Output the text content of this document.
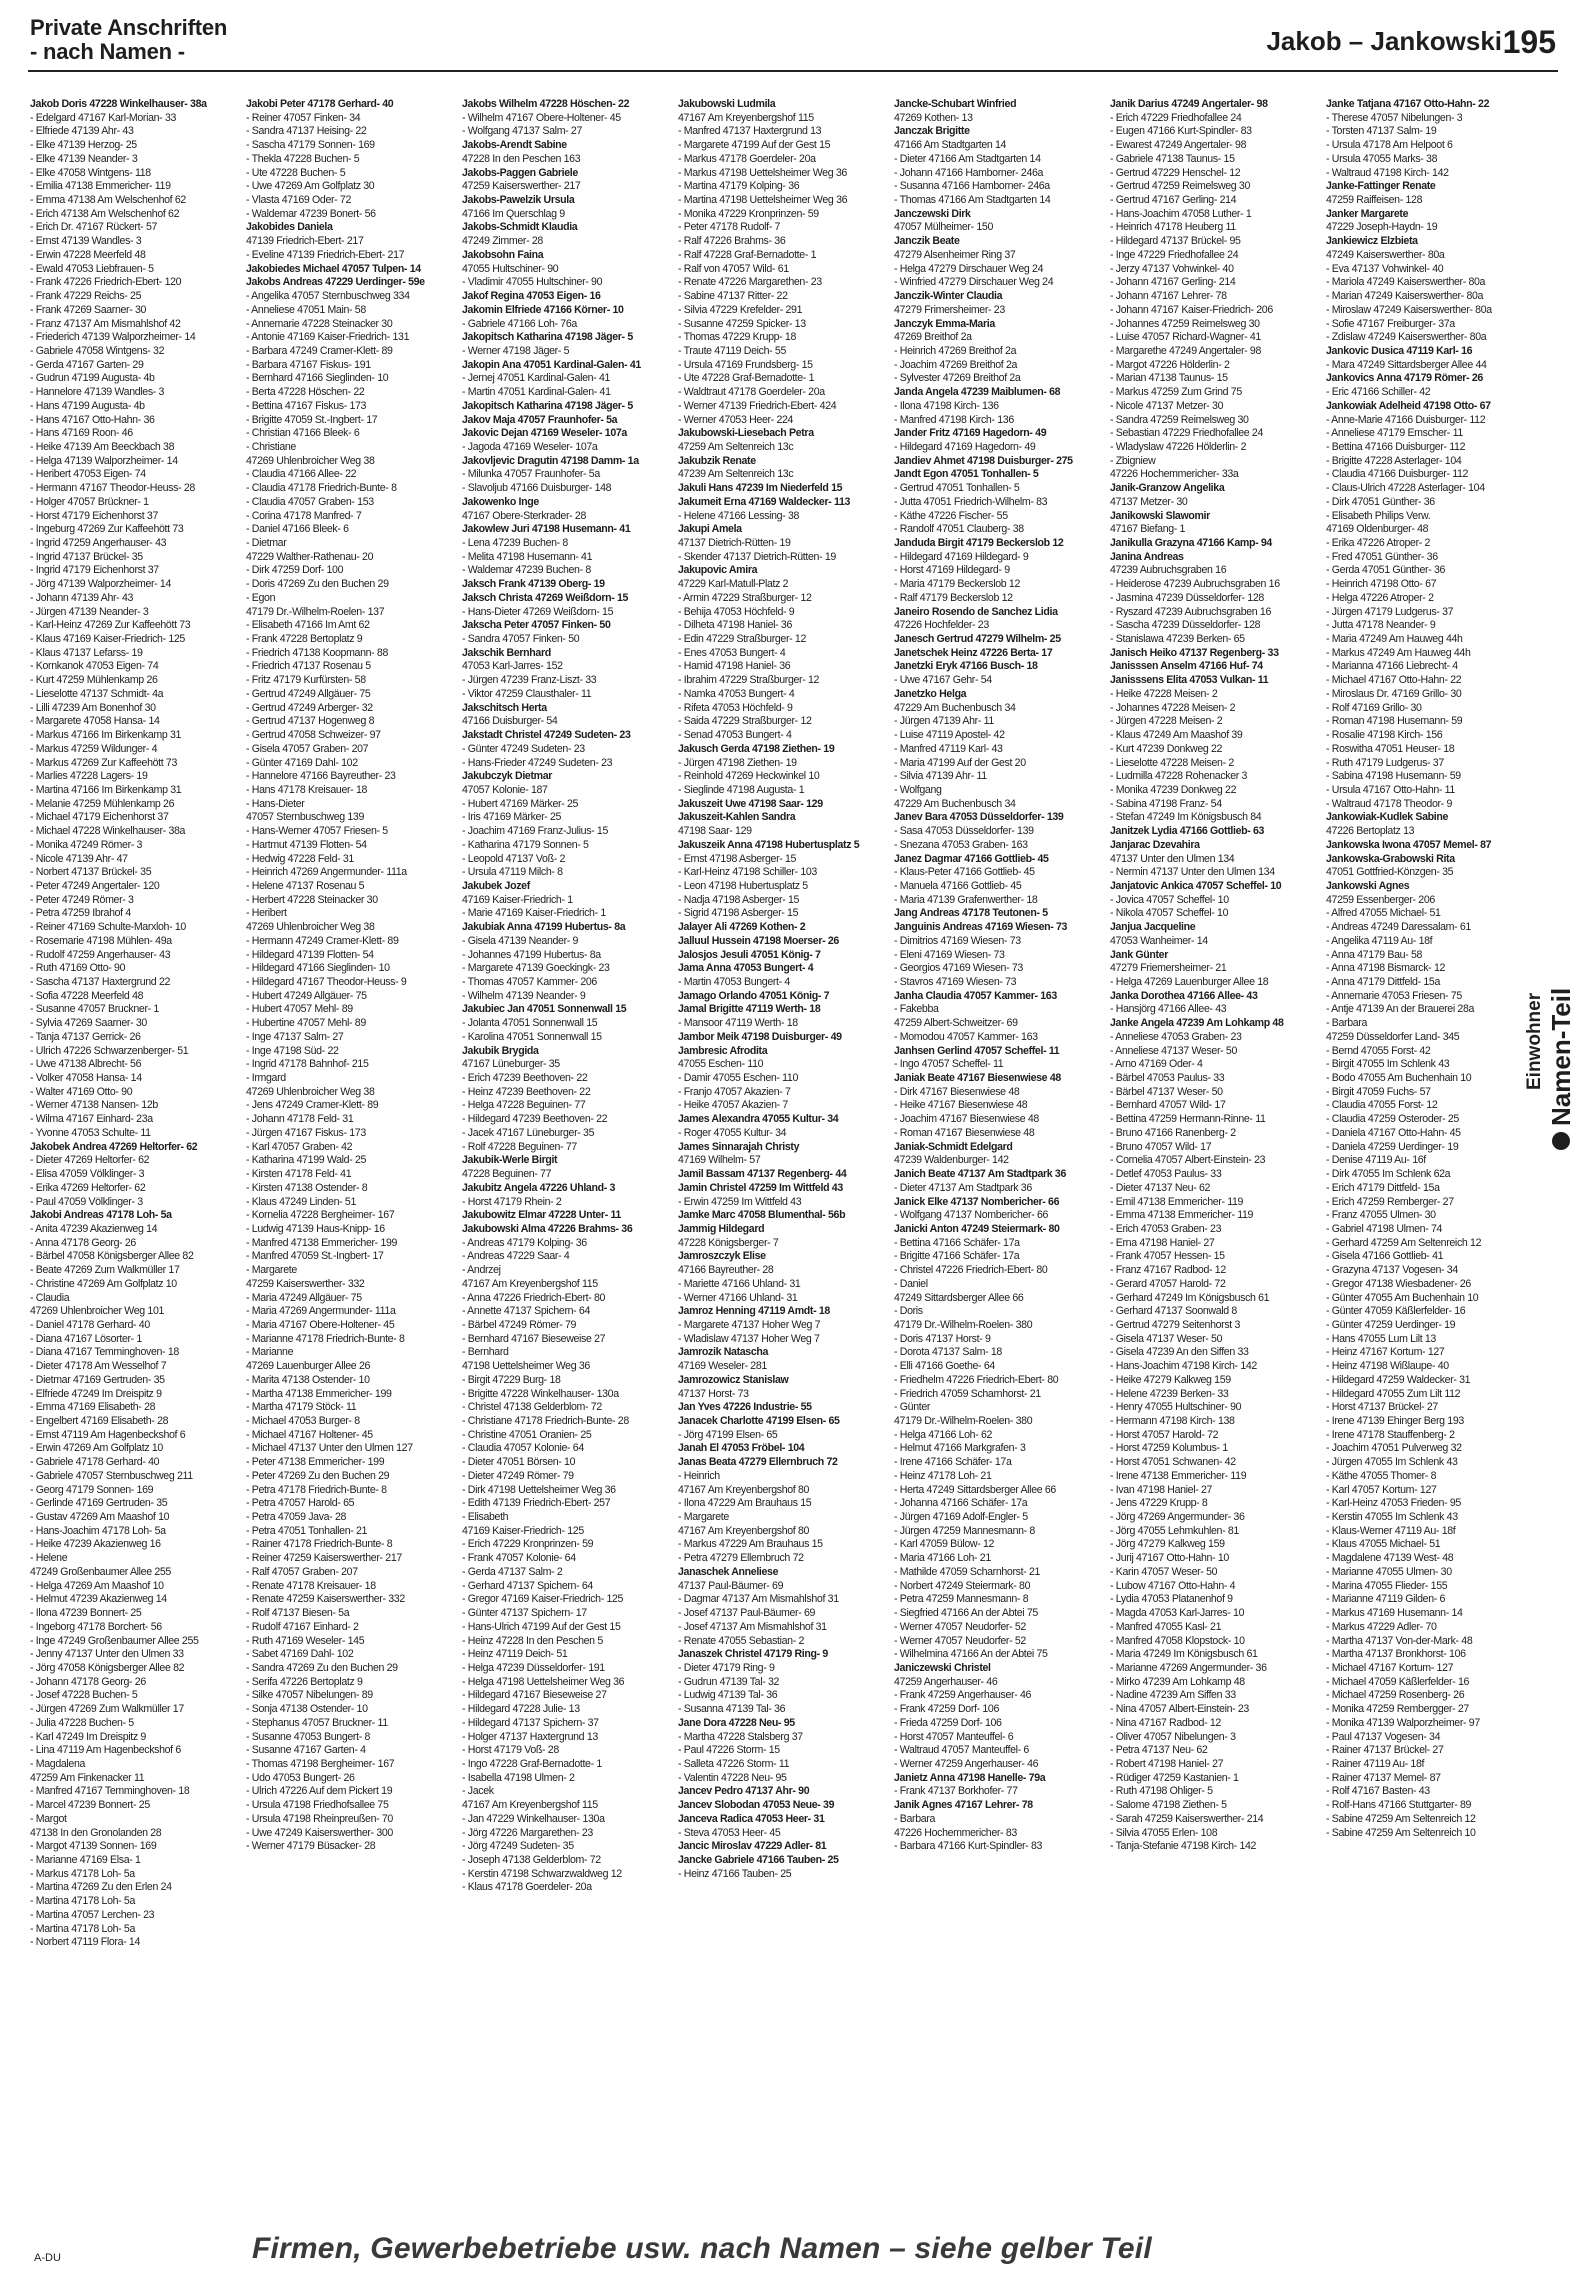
Private Anschriften
- nach Namen -	Jakob – Jankowski 195
Jakob Doris 47228 Winkelhauser- 38a
- Edelgard 47167 Karl-Morian- 33
- Elfriede 47139 Ahr- 43
- Elke 47139 Herzog- 25
- Elke 47139 Neander- 3
- Elke 47058 Wintgens- 118
- Emilia 47138 Emmericher- 119
- Emma 47138 Am Welschenhof 62
- Erich 47138 Am Welschenhof 62
- Erich Dr. 47167 Rückert- 57
- Ernst 47139 Wandles- 3
- Erwin 47228 Meerfeld 48
- Ewald 47053 Liebfrauen- 5
- Frank 47226 Friedrich-Ebert- 120
- Frank 47229 Reichs- 25
- Frank 47269 Saarner- 30
- Franz 47137 Am Mismahlshof 42
- Friederich 47139 Walporzheimer- 14
- Gabriele 47058 Wintgens- 32
- Gerda 47167 Garten- 29
- Gudrun 47199 Augusta- 4b
- Hannelore 47139 Wandles- 3
- Hans 47199 Augusta- 4b
- Hans 47167 Otto-Hahn- 36
- Hans 47169 Roon- 46
- Heike 47139 Am Beeckbach 38
- Helga 47139 Walporzheimer- 14
- Heribert 47053 Eigen- 74
- Hermann 47167 Theodor-Heuss- 28
- Holger 47057 Brückner- 1
- Horst 47179 Eichenhorst 37
- Ingeburg 47269 Zur Kaffeehött 73
- Ingrid 47259 Angerhauser- 43
- Ingrid 47137 Brückel- 35
- Ingrid 47179 Eichenhorst 37
- Jörg 47139 Walporzheimer- 14
- Johann 47139 Ahr- 43
- Jürgen 47139 Neander- 3
- Karl-Heinz 47269 Zur Kaffeehött 73
- Klaus 47169 Kaiser-Friedrich- 125
- Klaus 47137 Lefarss- 19
- Kornkanok 47053 Eigen- 74
- Kurt 47259 Mühlenkamp 26
- Lieselotte 47137 Schmidt- 4a
- Lilli 47239 Am Bonenhof 30
- Margarete 47058 Hansa- 14
- Markus 47166 Im Birkenkamp 31
- Markus 47259 Wildunger- 4
- Markus 47269 Zur Kaffeehött 73
- Marlies 47228 Lagers- 19
- Martina 47166 Im Birkenkamp 31
- Melanie 47259 Mühlenkamp 26
- Michael 47179 Eichenhorst 37
- Michael 47228 Winkelhauser- 38a
- Monika 47249 Römer- 3
- Nicole 47139 Ahr- 47
- Norbert 47137 Brückel- 35
- Peter 47249 Angertaler- 120
- Peter 47249 Römer- 3
- Petra 47259 Ibrahof 4
- Reiner 47169 Schulte-Marxloh- 10
- Rosemarie 47198 Mühlen- 49a
- Rudolf 47259 Angerhauser- 43
- Ruth 47169 Otto- 90
- Sascha 47137 Haxtergrund 22
- Sofia 47228 Meerfeld 48
- Susanne 47057 Bruckner- 1
- Sylvia 47269 Saarner- 30
- Tanja 47137 Gerrick- 26
- Ulrich 47226 Schwarzenberger- 51
- Uwe 47138 Albrecht- 56
- Volker 47058 Hansa- 14
- Walter 47169 Otto- 90
- Werner 47138 Nansen- 12b
- Wilma 47167 Einhard- 23a
- Yvonne 47053 Schulte- 11
Jakobek Andrea 47269 Heltorfer- 62
- Dieter 47269 Heltorfer- 62
- Elisa 47059 Völklinger- 3
- Erika 47269 Heltorfer- 62
- Paul 47059 Völklinger- 3
Jakobi Andreas 47178 Loh- 5a
- Anita 47239 Akazienweg 14
- Anna 47178 Georg- 26
- Bärbel 47058 Königsberger Allee 82
- Beate 47269 Zum Walkmüller 17
- Christine 47269 Am Golfplatz 10
- Claudia
47269 Uhlenbroicher Weg 101
- Daniel 47178 Gerhard- 40
- Diana 47167 Lösorter- 1
- Diana 47167 Temminghoven- 18
- Dieter 47178 Am Wesselhof 7
- Dietmar 47169 Gertruden- 35
- Elfriede 47249 Im Dreispitz 9
- Emma 47169 Elisabeth- 28
- Engelbert 47169 Elisabeth- 28
- Ernst 47119 Am Hagenbeckshof 6
- Erwin 47269 Am Golfplatz 10
- Gabriele 47178 Gerhard- 40
- Gabriele 47057 Sternbuschweg 211
- Georg 47179 Sonnen- 169
- Gerlinde 47169 Gertruden- 35
- Gustav 47269 Am Maashof 10
- Hans-Joachim 47178 Loh- 5a
- Heike 47239 Akazienweg 16
- Helene
47249 Großenbaumer Allee 255
- Helga 47269 Am Maashof 10
- Helmut 47239 Akazienweg 14
- Ilona 47239 Bonnert- 25
- Ingeborg 47178 Borchert- 56
- Inge 47249 Großenbaumer Allee 255
- Jenny 47137 Unter den Ulmen 33
- Jörg 47058 Königsberger Allee 82
- Johann 47178 Georg- 26
- Josef 47228 Buchen- 5
- Jürgen 47269 Zum Walkmüller 17
- Julia 47228 Buchen- 5
- Karl 47249 Im Dreispitz 9
- Lina 47119 Am Hagenbeckshof 6
- Magdalena
47259 Am Finkenacker 11
- Manfred 47167 Temminghoven- 18
- Marcel 47239 Bonnert- 25
- Margot
47138 In den Gronolanden 28
- Margot 47139 Sonnen- 169
- Marianne 47169 Elsa- 1
- Markus 47178 Loh- 5a
- Martina 47269 Zu den Erlen 24
- Martina 47178 Loh- 5a
- Martina 47057 Lerchen- 23
- Martina 47178 Loh- 5a
- Norbert 47119 Flora- 14
Jakobi Peter 47178 Gerhard- 40
- Reiner 47057 Finken- 34
- Sandra 47137 Heising- 22
- Sascha 47179 Sonnen- 169
- Thekla 47228 Buchen- 5
- Ute 47228 Buchen- 5
- Uwe 47269 Am Golfplatz 30
- Vlasta 47169 Oder- 72
- Waldemar 47239 Bonert- 56
Jakobides Daniela
47139 Friedrich-Ebert- 217
- Eveline 47139 Friedrich-Ebert- 217
Jakobiedes Michael 47057 Tulpen- 14
Jakobs Andreas 47229 Uerdinger- 59e
- Angelika 47057 Sternbuschweg 334
- Anneliese 47051 Main- 58
- Annemarie 47228 Steinacker 30
- Antonie 47169 Kaiser-Friedrich- 131
- Barbara 47249 Cramer-Klett- 89
- Barbara 47167 Fiskus- 191
- Bernhard 47166 Sieglinden- 10
- Berta 47228 Höschen- 22
- Bettina 47167 Fiskus- 173
- Brigitte 47059 St.-Ingbert- 17
- Christian 47166 Bleek- 6
- Christiane
47269 Uhlenbroicher Weg 38
- Claudia 47166 Allee- 22
- Claudia 47178 Friedrich-Bunte- 8
- Claudia 47057 Graben- 153
- Corina 47178 Manfred- 7
- Daniel 47166 Bleek- 6
- Dietmar
47229 Walther-Rathenau- 20
- Dirk 47259 Dorf- 100
- Doris 47269 Zu den Buchen 29
- Egon
47179 Dr.-Wilhelm-Roelen- 137
- Elisabeth 47166 Im Amt 62
- Frank 47228 Bertoplatz 9
- Friedrich 47138 Koopmann- 88
- Friedrich 47137 Rosenau 5
- Fritz 47179 Kurfürsten- 58
- Gertrud 47249 Allgäuer- 75
- Gertrud 47249 Arberger- 32
- Gertrud 47137 Hogenweg 8
- Gertrud 47058 Schweizer- 97
- Gisela 47057 Graben- 207
- Günter 47169 Dahl- 102
- Hannelore 47166 Bayreuther- 23
- Hans 47178 Kreisauer- 18
- Hans-Dieter
47057 Sternbuschweg 139
- Hans-Werner 47057 Friesen- 5
- Hartmut 47139 Flotten- 54
- Hedwig 47228 Feld- 31
- Heinrich 47269 Angermunder- 111a
- Helene 47137 Rosenau 5
- Herbert 47228 Steinacker 30
- Heribert
47269 Uhlenbroicher Weg 38
- Hermann 47249 Cramer-Klett- 89
- Hildegard 47139 Flotten- 54
- Hildegard 47166 Sieglinden- 10
- Hildegard 47167 Theodor-Heuss- 9
- Hubert 47249 Allgäuer- 75
- Hubert 47057 Mehl- 89
- Hubertine 47057 Mehl- 89
- Inge 47137 Salm- 27
- Inge 47198 Süd- 22
- Ingrid 47178 Bahnhof- 215
- Irmgard
47269 Uhlenbroicher Weg 38
- Jens 47249 Cramer-Klett- 89
- Johann 47178 Feld- 31
- Jürgen 47167 Fiskus- 173
- Karl 47057 Graben- 42
- Katharina 47199 Wald- 25
- Kirsten 47178 Feld- 41
- Kirsten 47138 Ostender- 8
- Klaus 47249 Linden- 51
- Kornelia 47228 Bergheimer- 167
- Ludwig 47139 Haus-Knipp- 16
- Manfred 47138 Emmericher- 199
- Manfred 47059 St.-Ingbert- 17
- Margarete
47259 Kaiserswerther- 332
- Maria 47249 Allgäuer- 75
- Maria 47269 Angermunder- 111a
- Maria 47167 Obere-Holtener- 45
- Marianne 47178 Friedrich-Bunte- 8
- Marianne
47269 Lauenburger Allee 26
- Marita 47138 Ostender- 10
- Martha 47138 Emmericher- 199
- Martha 47179 Stöck- 11
- Michael 47053 Burger- 8
- Michael 47167 Holtener- 45
- Michael 47137 Unter den Ulmen 127
- Peter 47138 Emmericher- 199
- Peter 47269 Zu den Buchen 29
- Petra 47178 Friedrich-Bunte- 8
- Petra 47057 Harold- 65
- Petra 47059 Java- 28
- Petra 47051 Tonhallen- 21
- Rainer 47178 Friedrich-Bunte- 8
- Reiner 47259 Kaiserswerther- 217
- Ralf 47057 Graben- 207
- Renate 47178 Kreisauer- 18
- Renate 47259 Kaiserswerther- 332
- Rolf 47137 Biesen- 5a
- Rudolf 47167 Einhard- 2
- Ruth 47169 Weseler- 145
- Sabet 47169 Dahl- 102
- Sandra 47269 Zu den Buchen 29
- Serifa 47226 Bertoplatz 9
- Silke 47057 Nibelungen- 89
- Sonja 47138 Ostender- 10
- Stephanus 47057 Bruckner- 11
- Susanne 47053 Bungert- 8
- Susanne 47167 Garten- 4
- Thomas 47198 Bergheimer- 167
- Udo 47053 Bungert- 26
- Ulrich 47226 Auf dem Pickert 19
- Ursula 47198 Friedhofsallee 75
- Ursula 47198 Rheinpreußen- 70
- Uwe 47249 Kaiserswerther- 300
- Werner 47179 Büsacker- 28
Jakobs Wilhelm 47228 Höschen- 22
- Wilhelm 47167 Obere-Holtener- 45
- Wolfgang 47137 Salm- 27
Jakobs-Arendt Sabine
47228 In den Peschen 163
Jakobs-Paggen Gabriele
47259 Kaiserswerther- 217
Jakobs-Pawelzik Ursula
47166 Im Querschlag 9
Jakobs-Schmidt Klaudia
47249 Zimmer- 28
Jakobsohn Faina
47055 Hultschiner- 90
- Vladimir 47055 Hultschiner- 90
Jakof Regina 47053 Eigen- 16
Jakomin Elfriede 47166 Körner- 10
- Gabriele 47166 Loh- 76a
Jakopitsch Katharina 47198 Jäger- 5
- Werner 47198 Jäger- 5
Jakopin Ana 47051 Kardinal-Galen- 41
- Jernej 47051 Kardinal-Galen- 41
- Martin 47051 Kardinal-Galen- 41
Jakopitsch Katharina 47198 Jäger- 5
Jakov Maja 47057 Fraunhofer- 5a
Jakovic Dejan 47169 Weseler- 107a
- Jagoda 47169 Weseler- 107a
Jakovljevic Dragutin 47198 Damm- 1a
- Milunka 47057 Fraunhofer- 5a
- Slavoljub 47166 Duisburger- 148
Jakowenko Inge
47167 Obere-Sterkrader- 28
Jakowlew Juri 47198 Husemann- 41
- Lena 47239 Buchen- 8
- Melita 47198 Husemann- 41
- Waldemar 47239 Buchen- 8
Jaksch Frank 47139 Oberg- 19
Jaksch Christa 47269 Weißdorn- 15
- Hans-Dieter 47269 Weißdorn- 15
Jakscha Peter 47057 Finken- 50
- Sandra 47057 Finken- 50
Jakschik Bernhard
47053 Karl-Jarres- 152
- Jürgen 47239 Franz-Liszt- 33
- Viktor 47259 Clausthaler- 11
Jakschitsch Herta
47166 Duisburger- 54
Jakstadt Christel 47249 Sudeten- 23
- Günter 47249 Sudeten- 23
- Hans-Frieder 47249 Sudeten- 23
Jakubczyk Dietmar
47057 Kolonie- 187
- Hubert 47169 Märker- 25
- Iris 47169 Märker- 25
- Joachim 47169 Franz-Julius- 15
- Katharina 47179 Sonnen- 5
- Leopold 47137 Voß- 2
- Ursula 47119 Milch- 8
Jakubek Jozef
47169 Kaiser-Friedrich- 1
- Marie 47169 Kaiser-Friedrich- 1
Jakubiak Anna 47199 Hubertus- 8a
- Gisela 47139 Neander- 9
- Johannes 47199 Hubertus- 8a
- Margarete 47139 Goeckingk- 23
- Thomas 47057 Kammer- 206
- Wilhelm 47139 Neander- 9
Jakubiec Jan 47051 Sonnenwall 15
- Jolanta 47051 Sonnenwall 15
- Karolina 47051 Sonnenwall 15
Jakubik Brygida
47167 Lüneburger- 35
- Erich 47239 Beethoven- 22
- Heinz 47239 Beethoven- 22
- Helga 47228 Beguinen- 77
- Hildegard 47239 Beethoven- 22
- Jacek 47167 Lüneburger- 35
- Rolf 47228 Beguinen- 77
Jakubik-Werle Birgit
47228 Beguinen- 77
Jakubitz Angela 47226 Uhland- 3
- Horst 47179 Rhein- 2
Jakubowitz Elmar 47228 Unter- 11
Jakubowski Alma 47226 Brahms- 36
- Andreas 47179 Kolping- 36
- Andreas 47229 Saar- 4
- Andrzej
47167 Am Kreyenbergshof 115
- Anna 47226 Friedrich-Ebert- 80
- Annette 47137 Spichern- 64
- Bärbel 47249 Römer- 79
- Bernhard 47167 Bieseweise 27
- Bernhard
47198 Uettelsheimer Weg 36
- Birgit 47229 Burg- 18
- Brigitte 47228 Winkelhauser- 130a
- Christel 47138 Gelderblom- 72
- Christiane 47178 Friedrich-Bunte- 28
- Christine 47051 Oranien- 25
- Claudia 47057 Kolonie- 64
- Dieter 47051 Börsen- 10
- Dieter 47249 Römer- 79
- Dirk 47198 Uettelsheimer Weg 36
- Edith 47139 Friedrich-Ebert- 257
- Elisabeth
47169 Kaiser-Friedrich- 125
- Erich 47229 Kronprinzen- 59
- Frank 47057 Kolonie- 64
- Gerda 47137 Salm- 2
- Gerhard 47137 Spichern- 64
- Gregor 47169 Kaiser-Friedrich- 125
- Günter 47137 Spichern- 17
- Hans-Ulrich 47199 Auf der Gest 15
- Heinz 47228 In den Peschen 5
- Heinz 47119 Deich- 51
- Helga 47239 Düsseldorfer- 191
- Helga 47198 Uettelsheimer Weg 36
- Hildegard 47167 Bieseweise 27
- Hildegard 47228 Julie- 13
- Hildegard 47137 Spichern- 37
- Holger 47137 Haxtergrund 13
- Horst 47179 Voß- 28
- Ingo 47228 Graf-Bernadotte- 1
- Isabella 47198 Ulmen- 2
- Jacek
47167 Am Kreyenbergshof 115
- Jan 47229 Winkelhauser- 130a
- Jörg 47226 Margarethen- 23
- Jörg 47249 Sudeten- 35
- Joseph 47138 Gelderblom- 72
- Kerstin 47198 Schwarzwaldweg 12
- Klaus 47178 Goerdeler- 20a
Jakubowski Ludmila
47167 Am Kreyenbergshof 115
- Manfred 47137 Haxtergrund 13
- Margarete 47199 Auf der Gest 15
- Markus 47178 Goerdeler- 20a
- Markus 47198 Uettelsheimer Weg 36
- Martina 47179 Kolping- 36
- Martina 47198 Uettelsheimer Weg 36
- Monika 47229 Kronprinzen- 59
- Peter 47178 Rudolf- 7
- Ralf 47226 Brahms- 36
- Ralf 47228 Graf-Bernadotte- 1
- Ralf von 47057 Wild- 61
- Renate 47226 Margarethen- 23
- Sabine 47137 Ritter- 22
- Silvia 47229 Krefelder- 291
- Susanne 47259 Spicker- 13
- Thomas 47229 Krupp- 18
- Traute 47119 Deich- 55
- Ursula 47169 Frundsberg- 15
- Ute 47228 Graf-Bernadotte- 1
- Waldtraut 47178 Goerdeler- 20a
- Werner 47139 Friedrich-Ebert- 424
- Werner 47053 Heer- 224
Jakubowski-Liesebach Petra
47259 Am Seltenreich 13c
Jakubzik Renate
47239 Am Seltenreich 13c
Jakuli Hans 47239 Im Niederfeld 15
Jakumeit Erna 47169 Waldecker- 113
- Helene 47166 Lessing- 38
Jakupi Amela
47137 Dietrich-Rütten- 19
- Skender 47137 Dietrich-Rütten- 19
Jakupovic Amira
47229 Karl-Matull-Platz 2
- Armin 47229 Straßburger- 12
- Behija 47053 Höchfeld- 9
- Dilheta 47198 Haniel- 36
- Edin 47229 Straßburger- 12
- Enes 47053 Bungert- 4
- Hamid 47198 Haniel- 36
- Ibrahim 47229 Straßburger- 12
- Namka 47053 Bungert- 4
- Rifeta 47053 Höchfeld- 9
- Saida 47229 Straßburger- 12
- Senad 47053 Bungert- 4
Jakusch Gerda 47198 Ziethen- 19
- Jürgen 47198 Ziethen- 19
- Reinhold 47269 Heckwinkel 10
- Sieglinde 47198 Augusta- 1
Jakuszeit Uwe 47198 Saar- 129
Jakuszeit-Kahlen Sandra
47198 Saar- 129
Jakuszeik Anna 47198 Hubertusplatz 5
- Ernst 47198 Asberger- 15
- Karl-Heinz 47198 Schiller- 103
- Leon 47198 Hubertusplatz 5
- Nadja 47198 Asberger- 15
- Sigrid 47198 Asberger- 15
Jalayer Ali 47269 Kothen- 2
Jalluul Hussein 47198 Moerser- 26
Jalosjos Jesuli 47051 König- 7
Jama Anna 47053 Bungert- 4
- Martin 47053 Bungert- 4
Jamago Orlando 47051 König- 7
Jamal Brigitte 47119 Werth- 18
- Mansoor 47119 Werth- 18
Jambor Meik 47198 Duisburger- 49
Jambresic Afrodita
47055 Eschen- 110
- Damir 47055 Eschen- 110
- Franjo 47057 Akazien- 7
- Heike 47057 Akazien- 7
James Alexandra 47055 Kultur- 34
- Roger 47055 Kultur- 34
James Sinnarajah Christy
47169 Wilhelm- 57
Jamil Bassam 47137 Regenberg- 44
Jamin Christel 47259 Im Wittfeld 43
- Erwin 47259 Im Wittfeld 43
Jamke Marc 47058 Blumenthal- 56b
Jammig Hildegard
47228 Königsberger- 7
Jamroszczyk Elise
47166 Bayreuther- 28
- Mariette 47166 Uhland- 31
- Werner 47166 Uhland- 31
Jamroz Henning 47119 Amdt- 18
- Margarete 47137 Hoher Weg 7
- Wladislaw 47137 Hoher Weg 7
Jamrozik Natascha
47169 Weseler- 281
Jamrozowicz Stanislaw
47137 Horst- 73
Jan Yves 47226 Industrie- 55
Janacek Charlotte 47199 Elsen- 65
- Jörg 47199 Elsen- 65
Janah El 47053 Fröbel- 104
Janas Beata 47279 Ellernbruch 72
- Heinrich
47167 Am Kreyenbergshof 80
- Ilona 47229 Am Brauhaus 15
- Margarete
47167 Am Kreyenbergshof 80
- Markus 47229 Am Brauhaus 15
- Petra 47279 Ellernbruch 72
Janaschek Anneliese
47137 Paul-Bäumer- 69
- Dagmar 47137 Am Mismahlshof 31
- Josef 47137 Paul-Bäumer- 69
- Josef 47137 Am Mismahlshof 31
- Renate 47055 Sebastian- 2
Janaszek Christel 47179 Ring- 9
- Dieter 47179 Ring- 9
- Gudrun 47139 Tal- 32
- Ludwig 47139 Tal- 36
- Susanna 47139 Tal- 36
Jane Dora 47228 Neu- 95
- Martha 47228 Stalsberg 37
- Paul 47226 Storm- 15
- Salleta 47226 Storm- 11
- Valentin 47228 Neu- 95
Jancev Pedro 47137 Ahr- 90
Jancev Slobodan 47053 Neue- 39
Janceva Radica 47053 Heer- 31
- Steva 47053 Heer- 45
Jancic Miroslav 47229 Adler- 81
Jancke Gabriele 47166 Tauben- 25
- Heinz 47166 Tauben- 25
Jancke-Schubart Winfried
47269 Kothen- 13
Janczak Brigitte
47166 Am Stadtgarten 14
- Dieter 47166 Am Stadtgarten 14
- Johann 47166 Hamborner- 246a
- Susanna 47166 Hamborner- 246a
- Thomas 47166 Am Stadtgarten 14
Janczewski Dirk
47057 Mülheimer- 150
Janczik Beate
47279 Alsenheimer Ring 37
- Helga 47279 Dirschauer Weg 24
- Winfried 47279 Dirschauer Weg 24
Janczik-Winter Claudia
47279 Frimersheimer- 23
Janczyk Emma-Maria
47269 Breithof 2a
- Heinrich 47269 Breithof 2a
- Joachim 47269 Breithof 2a
- Sylvester 47269 Breithof 2a
Janda Angela 47239 Maiblumen- 68
- Ilona 47198 Kirch- 136
- Manfred 47198 Kirch- 136
Jander Fritz 47169 Hagedorn- 49
- Hildegard 47169 Hagedorn- 49
Jandiev Ahmet 47198 Duisburger- 275
Jandt Egon 47051 Tonhallen- 5
- Gertrud 47051 Tonhallen- 5
- Jutta 47051 Friedrich-Wilhelm- 83
- Käthe 47226 Fischer- 55
- Randolf 47051 Clauberg- 38
Janduda Birgit 47179 Beckerslob 12
- Hildegard 47169 Hildegard- 9
- Horst 47169 Hildegard- 9
- Maria 47179 Beckerslob 12
- Ralf 47179 Beckerslob 12
Janeiro Rosendo de Sanchez Lidia
47226 Hochfelder- 23
Janesch Gertrud 47279 Wilhelm- 25
Janetschek Heinz 47226 Berta- 17
Janetzki Eryk 47166 Busch- 18
- Uwe 47167 Gehr- 54
Janetzko Helga
47229 Am Buchenbusch 34
- Jürgen 47139 Ahr- 11
- Luise 47119 Apostel- 42
- Manfred 47119 Karl- 43
- Maria 47199 Auf der Gest 20
- Silvia 47139 Ahr- 11
- Wolfgang
47229 Am Buchenbusch 34
Janev Bara 47053 Düsseldorfer- 139
- Sasa 47053 Düsseldorfer- 139
- Snezana 47053 Graben- 163
Janez Dagmar 47166 Gottlieb- 45
- Klaus-Peter 47166 Gottlieb- 45
- Manuela 47166 Gottlieb- 45
- Maria 47139 Grafenwerther- 18
Jang Andreas 47178 Teutonen- 5
Janguinis Andreas 47169 Wiesen- 73
- Dimitrios 47169 Wiesen- 73
- Eleni 47169 Wiesen- 73
- Georgios 47169 Wiesen- 73
- Stavros 47169 Wiesen- 73
Janha Claudia 47057 Kammer- 163
- Fakebba
47259 Albert-Schweitzer- 69
- Momodou 47057 Kammer- 163
Janhsen Gerlind 47057 Scheffel- 11
- Ingo 47057 Scheffel- 11
Janiak Beate 47167 Biesenwiese 48
- Dirk 47167 Biesenwiese 48
- Heike 47167 Biesenwiese 48
- Joachim 47167 Biesenwiese 48
- Roman 47167 Biesenwiese 48
Janiak-Schmidt Edelgard
47239 Waldenburger- 142
Janich Beate 47137 Am Stadtpark 36
- Dieter 47137 Am Stadtpark 36
Janick Elke 47137 Nombericher- 66
- Wolfgang 47137 Nombericher- 66
Janicki Anton 47249 Steiermark- 80
- Bettina 47166 Schäfer- 17a
- Brigitte 47166 Schäfer- 17a
- Christel 47226 Friedrich-Ebert- 80
- Daniel
47249 Sittardsberger Allee 66
- Doris
47179 Dr.-Wilhelm-Roelen- 380
- Doris 47137 Horst- 9
- Dorota 47137 Salm- 18
- Elli 47166 Goethe- 64
- Friedhelm 47226 Friedrich-Ebert- 80
- Friedrich 47059 Scharnhorst- 21
- Günter
47179 Dr.-Wilhelm-Roelen- 380
- Helga 47166 Loh- 62
- Helmut 47166 Markgrafen- 3
- Irene 47166 Schäfer- 17a
- Heinz 47178 Loh- 21
- Herta 47249 Sittardsberger Allee 66
- Johanna 47166 Schäfer- 17a
- Jürgen 47169 Adolf-Engler- 5
- Jürgen 47259 Mannesmann- 8
- Karl 47059 Bülow- 12
- Maria 47166 Loh- 21
- Mathilde 47059 Scharnhorst- 21
- Norbert 47249 Steiermark- 80
- Petra 47259 Mannesmann- 8
- Siegfried 47166 An der Abtei 75
- Werner 47057 Neudorfer- 52
- Werner 47057 Neudorfer- 52
- Wilhelmina 47166 An der Abtei 75
Janiczewski Christel
47259 Angerhauser- 46
- Frank 47259 Angerhauser- 46
- Frank 47259 Dorf- 106
- Frieda 47259 Dorf- 106
- Horst 47057 Manteuffel- 6
- Waltraud 47057 Manteuffel- 6
- Werner 47259 Angerhauser- 46
Janietz Anna 47198 Hanelle- 79a
- Frank 47137 Borkhofer- 77
Janik Agnes 47167 Lehrer- 78
- Barbara
47226 Hochemmericher- 83
- Barbara 47166 Kurt-Spindler- 83
Janik Darius 47249 Angertaler- 98
- Erich 47229 Friedhofallee 24
- Eugen 47166 Kurt-Spindler- 83
- Ewarest 47249 Angertaler- 98
- Gabriele 47138 Taunus- 15
- Gertrud 47229 Henschel- 12
- Gertrud 47259 Reimelsweg 30
- Gertrud 47167 Gerling- 214
- Hans-Joachim 47058 Luther- 1
- Heinrich 47178 Heuberg 11
- Hildegard 47137 Brückel- 95
- Inge 47229 Friedhofallee 24
- Jerzy 47137 Vohwinkel- 40
- Johann 47167 Gerling- 214
- Johann 47167 Lehrer- 78
- Johann 47167 Kaiser-Friedrich- 206
- Johannes 47259 Reimelsweg 30
- Luise 47057 Richard-Wagner- 41
- Margarethe 47249 Angertaler- 98
- Margot 47226 Hölderlin- 2
- Marian 47138 Taunus- 15
- Markus 47259 Zum Grind 75
- Nicole 47137 Metzer- 30
- Sandra 47259 Reimelsweg 30
- Sebastian 47229 Friedhofallee 24
- Wladyslaw 47226 Hölderlin- 2
- Zbigniew
47226 Hochemmericher- 33a
Janik-Granzow Angelika
47137 Metzer- 30
Janikowski Slawomir
47167 Biefang- 1
Janikulla Grazyna 47166 Kamp- 94
Janina Andreas
47239 Aubruchsgraben 16
- Heiderose 47239 Aubruchsgraben 16
- Jasmina 47239 Düsseldorfer- 128
- Ryszard 47239 Aubruchsgraben 16
- Sascha 47239 Düsseldorfer- 128
- Stanislawa 47239 Berken- 65
Janisch Heiko 47137 Regenberg- 33
Janisssen Anselm 47166 Huf- 74
Janisssens Elita 47053 Vulkan- 11
- Heike 47228 Meisen- 2
- Johannes 47228 Meisen- 2
- Jürgen 47228 Meisen- 2
- Klaus 47249 Am Maashof 39
- Kurt 47239 Donkweg 22
- Lieselotte 47228 Meisen- 2
- Ludmilla 47228 Rohenacker 3
- Monika 47239 Donkweg 22
- Sabina 47198 Franz- 54
- Stefan 47249 Im Königsbusch 84
Janitzek Lydia 47166 Gottlieb- 63
Janjarac Dzevahira
47137 Unter den Ulmen 134
- Nermin 47137 Unter den Ulmen 134
Janjatovic Ankica 47057 Scheffel- 10
- Jovica 47057 Scheffel- 10
- Nikola 47057 Scheffel- 10
Janjua Jacqueline
47053 Wanheimer- 14
Jank Günter
47279 Friemersheimer- 21
- Helga 47269 Lauenburger Allee 18
Janka Dorothea 47166 Allee- 43
- Hansjörg 47166 Allee- 43
Janke Angela 47239 Am Lohkamp 48
- Anneliese 47053 Graben- 23
- Anneliese 47137 Weser- 50
- Arno 47169 Oder- 4
- Bärbel 47053 Paulus- 33
- Bärbel 47137 Weser- 50
- Bernhard 47057 Wild- 17
- Bettina 47259 Hermann-Rinne- 11
- Bruno 47166 Ranenberg- 2
- Bruno 47057 Wild- 17
- Cornelia 47057 Albert-Einstein- 23
- Detlef 47053 Paulus- 33
- Dieter 47137 Neu- 62
- Emil 47138 Emmericher- 119
- Emma 47138 Emmericher- 119
- Erich 47053 Graben- 23
- Erna 47198 Haniel- 27
- Frank 47057 Hessen- 15
- Franz 47167 Radbod- 12
- Gerard 47057 Harold- 72
- Gerhard 47249 Im Königsbusch 61
- Gerhard 47137 Soonwald 8
- Gertrud 47279 Seitenhorst 3
- Gisela 47137 Weser- 50
- Gisela 47239 An den Siffen 33
- Hans-Joachim 47198 Kirch- 142
- Heike 47279 Kalkweg 159
- Helene 47239 Berken- 33
- Henry 47055 Hultschiner- 90
- Hermann 47198 Kirch- 138
- Horst 47057 Harold- 72
- Horst 47259 Kolumbus- 1
- Horst 47051 Schwanen- 42
- Irene 47138 Emmericher- 119
- Ivan 47198 Haniel- 27
- Jens 47229 Krupp- 8
- Jörg 47269 Angermunder- 36
- Jörg 47055 Lehmkuhlen- 81
- Jörg 47279 Kalkweg 159
- Jurij 47167 Otto-Hahn- 10
- Karin 47057 Weser- 50
- Lubow 47167 Otto-Hahn- 4
- Lydia 47053 Platanenhof 9
- Magda 47053 Karl-Jarres- 10
- Manfred 47055 Kasl- 21
- Manfred 47058 Klopstock- 10
- Maria 47249 Im Königsbusch 61
- Marianne 47269 Angermunder- 36
- Mirko 47239 Am Lohkamp 48
- Nadine 47239 Am Siffen 33
- Nina 47057 Albert-Einstein- 23
- Nina 47167 Radbod- 12
- Oliver 47057 Nibelungen- 3
- Petra 47137 Neu- 62
- Robert 47198 Haniel- 27
- Rüdiger 47259 Kastanien- 1
- Ruth 47198 Ohliger- 5
- Salome 47198 Ziethen- 5
- Sarah 47259 Kaiserswerther- 214
- Silvia 47055 Erlen- 108
- Tanja-Stefanie 47198 Kirch- 142
Janke Tatjana 47167 Otto-Hahn- 22
- Therese 47057 Nibelungen- 3
- Torsten 47137 Salm- 19
- Ursula 47178 Am Helpoot 6
- Ursula 47055 Marks- 38
- Waltraud 47198 Kirch- 142
Janke-Fattinger Renate
47259 Raiffeisen- 128
Janker Margarete
47229 Joseph-Haydn- 19
Jankiewicz Elzbieta
47249 Kaiserswerther- 80a
- Eva 47137 Vohwinkel- 40
- Mariola 47249 Kaiserswerther- 80a
- Marian 47249 Kaiserswerther- 80a
- Miroslaw 47249 Kaiserswerther- 80a
- Sofie 47167 Freiburger- 37a
- Zdislaw 47249 Kaiserswerther- 80a
Jankovic Dusica 47119 Karl- 16
- Mara 47249 Sittardsberger Allee 44
Jankovics Anna 47179 Römer- 26
- Eric 47166 Schiller- 42
Jankowiak Adelheid 47198 Otto- 67
- Anne-Marie 47166 Duisburger- 112
- Anneliese 47179 Emscher- 11
- Bettina 47166 Duisburger- 112
- Brigitte 47228 Asterlager- 104
- Claudia 47166 Duisburger- 112
- Claus-Ulrich 47228 Asterlager- 104
- Dirk 47051 Günther- 36
- Elisabeth Philips Verw.
47169 Oldenburger- 48
- Erika 47226 Atroper- 2
- Fred 47051 Günther- 36
- Gerda 47051 Günther- 36
- Heinrich 47198 Otto- 67
- Helga 47226 Atroper- 2
- Jürgen 47179 Ludgerus- 37
- Jutta 47178 Neander- 9
- Maria 47249 Am Hauweg 44h
- Markus 47249 Am Hauweg 44h
- Marianna 47166 Liebrecht- 4
- Michael 47167 Otto-Hahn- 22
- Miroslaus Dr. 47169 Grillo- 30
- Rolf 47169 Grillo- 30
- Roman 47198 Husemann- 59
- Rosalie 47198 Kirch- 156
- Roswitha 47051 Heuser- 18
- Ruth 47179 Ludgerus- 37
- Sabina 47198 Husemann- 59
- Ursula 47167 Otto-Hahn- 11
- Waltraud 47178 Theodor- 9
Jankowiak-Kudlek Sabine
47226 Bertoplatz 13
Jankowska Iwona 47057 Memel- 87
Jankowska-Grabowski Rita
47051 Gottfried-Könzgen- 35
Jankowski Agnes
47259 Essenberger- 206
- Alfred 47055 Michael- 51
- Andreas 47249 Daressalam- 61
- Angelika 47119 Au- 18f
- Anna 47179 Bau- 58
- Anna 47198 Bismarck- 12
- Anna 47179 Dittfeld- 15a
- Annemarie 47053 Friesen- 75
- Antje 47139 An der Brauerei 28a
- Barbara
47259 Düsseldorfer Land- 345
- Bernd 47055 Forst- 42
- Birgit 47055 Im Schlenk 43
- Bodo 47055 Am Buchenhain 10
- Birgit 47059 Fuchs- 57
- Claudia 47055 Forst- 12
- Claudia 47259 Osteroder- 25
- Daniela 47167 Otto-Hahn- 45
- Daniela 47259 Uerdinger- 19
- Denise 47119 Au- 16f
- Dirk 47055 Im Schlenk 62a
- Erich 47179 Dittfeld- 15a
- Erich 47259 Remberger- 27
- Franz 47055 Ulmen- 30
- Gabriel 47198 Ulmen- 74
- Gerhard 47259 Am Seltenreich 12
- Gisela 47166 Gottlieb- 41
- Grazyna 47137 Vogesen- 34
- Gregor 47138 Wiesbadener- 26
- Günter 47055 Am Buchenhain 10
- Günter 47059 Käßlerfelder- 16
- Günter 47259 Uerdinger- 19
- Hans 47055 Lum Lilt 13
- Heinz 47167 Kortum- 127
- Heinz 47198 Wißlaupe- 40
- Hildegard 47259 Waldecker- 31
- Hildegard 47055 Zum Lilt 112
- Horst 47137 Brückel- 27
- Irene 47139 Ehinger Berg 193
- Irene 47178 Stauffenberg- 2
- Joachim 47051 Pulverweg 32
- Jürgen 47055 Im Schlenk 43
- Käthe 47055 Thomer- 8
- Karl 47057 Kortum- 127
- Karl-Heinz 47053 Frieden- 95
- Kerstin 47055 Im Schlenk 43
- Klaus-Werner 47119 Au- 18f
- Klaus 47055 Michael- 51
- Magdalene 47139 West- 48
- Marianne 47055 Ulmen- 30
- Marina 47055 Flieder- 155
- Marianne 47119 Gilden- 6
- Markus 47169 Husemann- 14
- Markus 47229 Adler- 70
- Martha 47137 Von-der-Mark- 48
- Martha 47137 Bronkhorst- 106
- Michael 47167 Kortum- 127
- Michael 47059 Käßlerfelder- 16
- Michael 47259 Rosenberg- 26
- Monika 47259 Rembergger- 27
- Monika 47139 Walporzheimer- 97
- Paul 47137 Vogesen- 34
- Rainer 47137 Brückel- 27
- Rainer 47119 Au- 18f
- Rainer 47137 Memel- 87
- Rolf 47167 Basten- 43
- Rolf-Hans 47166 Stuttgarter- 89
- Sabine 47259 Am Seltenreich 12
- Sabine 47259 Am Seltenreich 10
Einwohner Namen-Teil
A-DU	Firmen, Gewerbebetriebe usw. nach Namen – siehe gelber Teil
